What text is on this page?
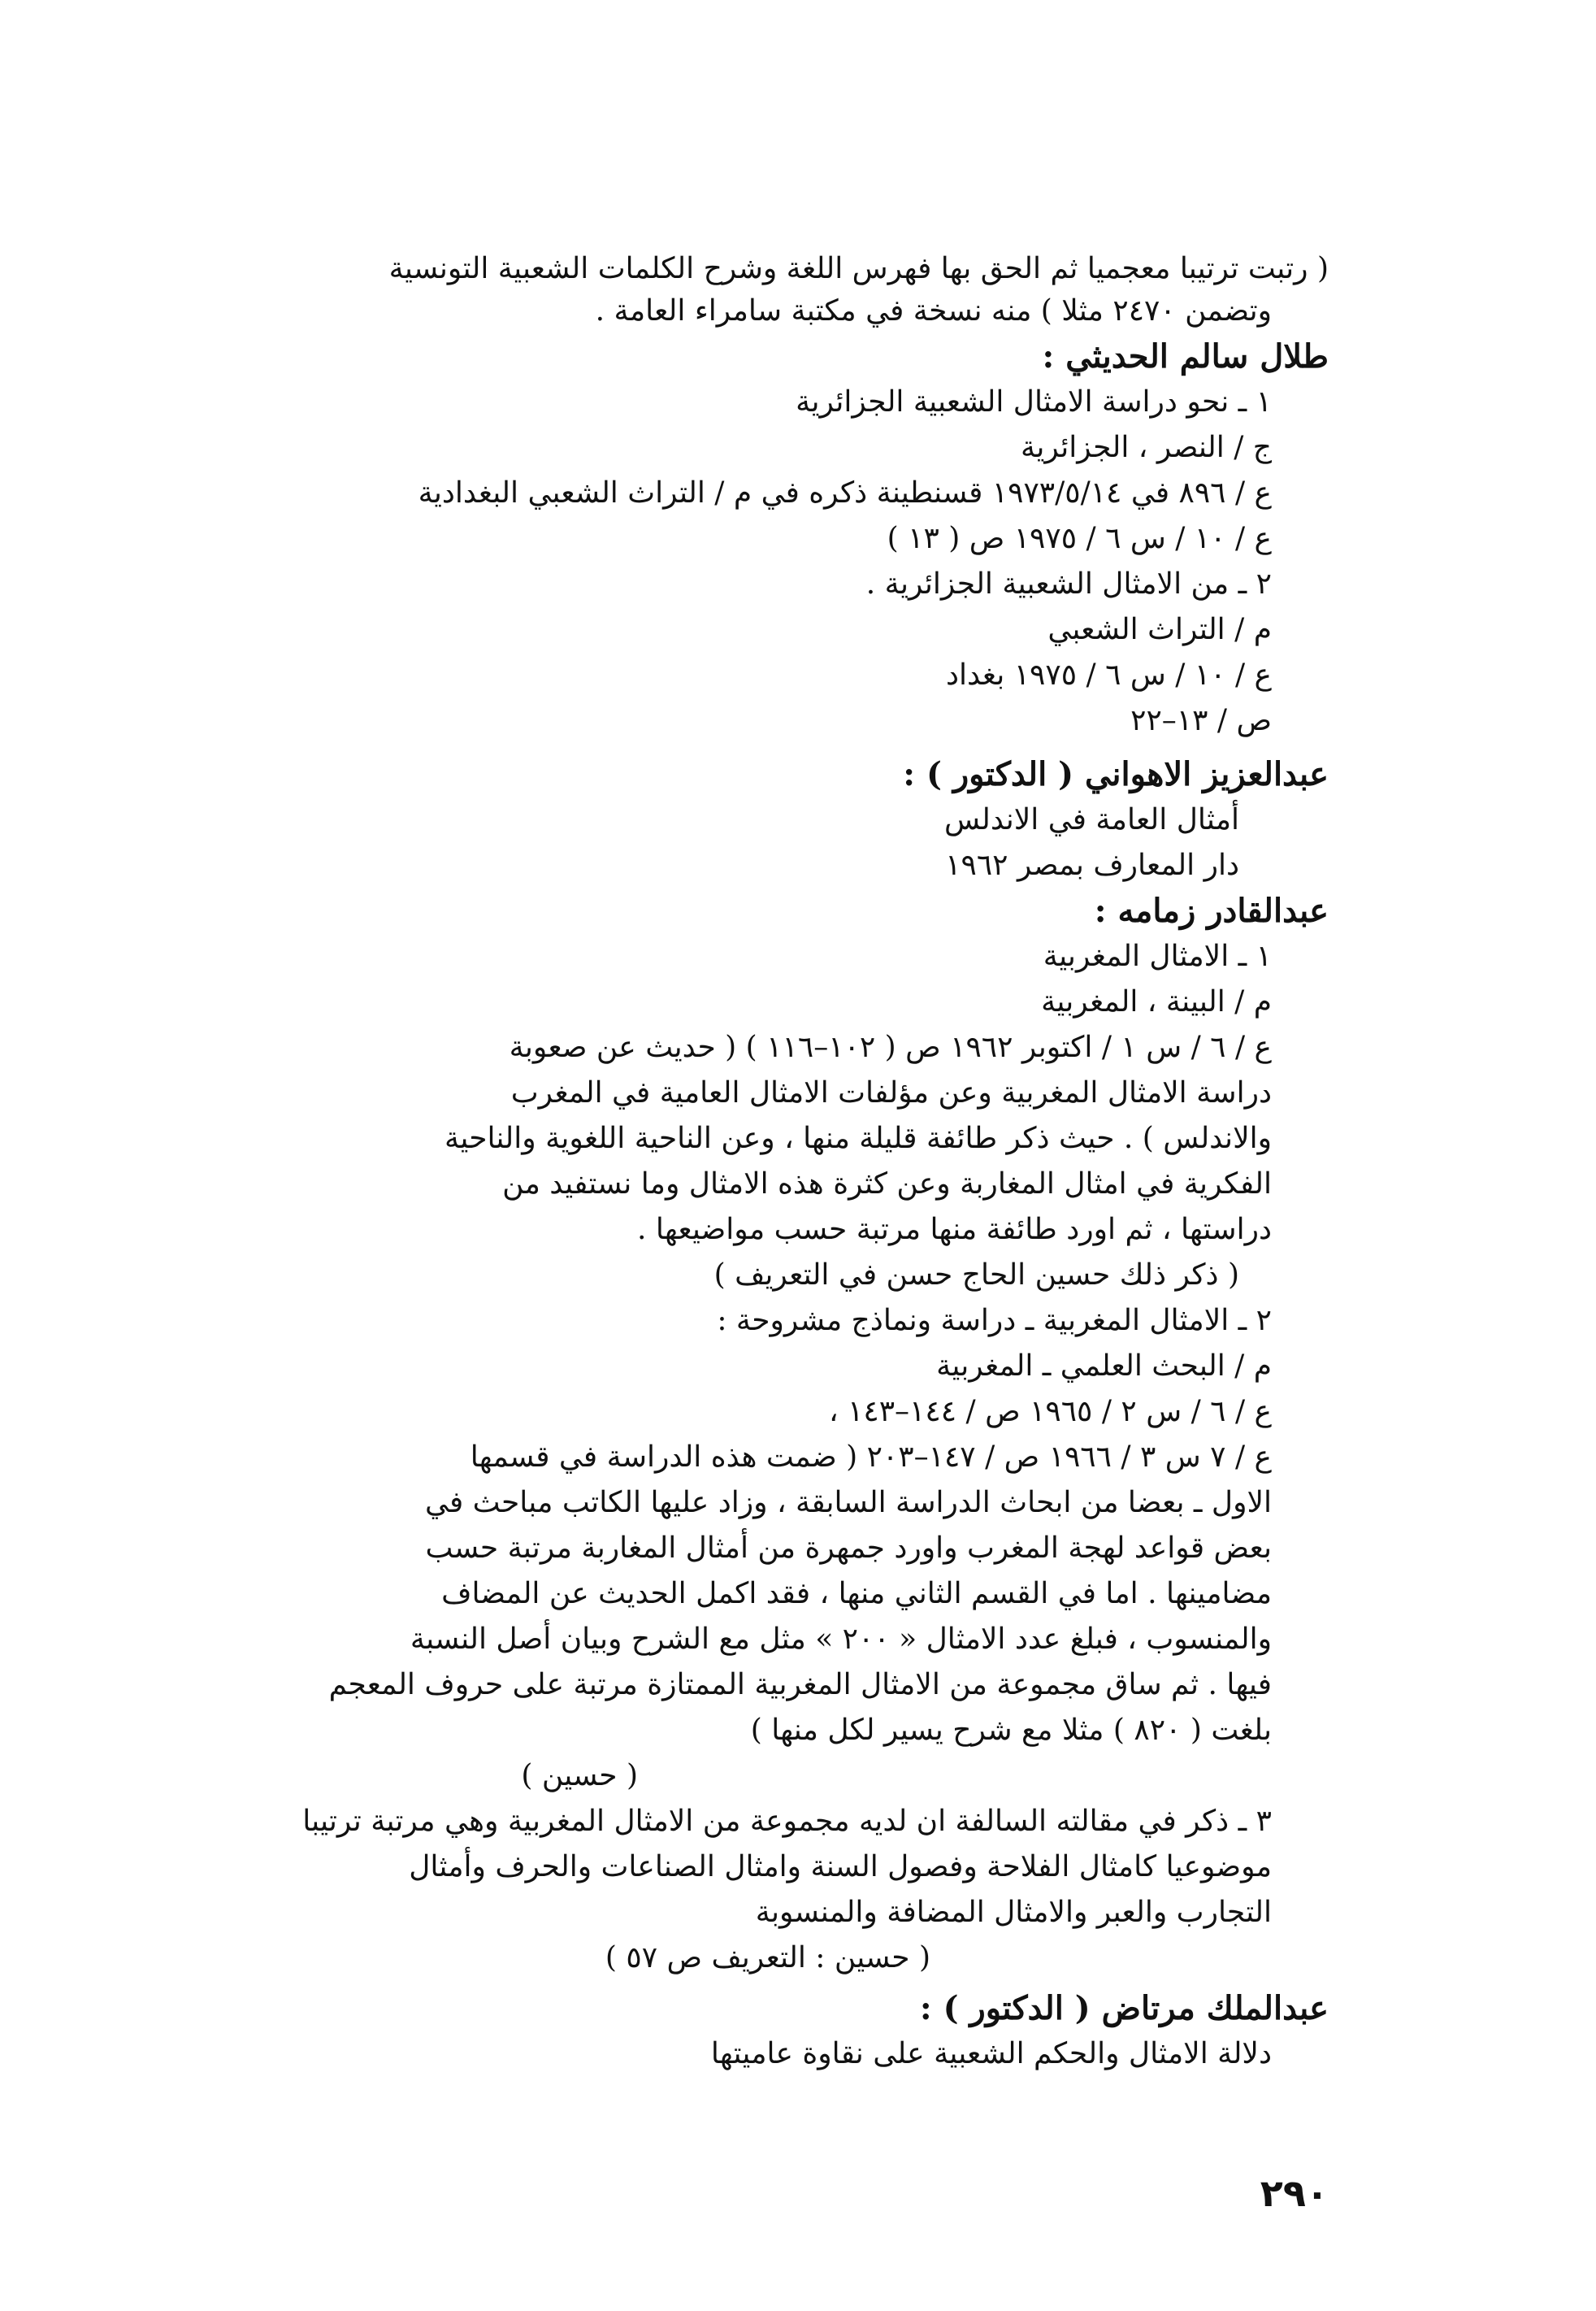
( رتبت ترتيبا معجميا ثم الحق بها فهرس اللغة وشرح الكلمات الشعبية التونسية
وتضمن ٢٤٧٠ مثلا ) منه نسخة في مكتبة سامراء العامة .
طلال سالم الحديثي :
١ ـ نحو دراسة الامثال الشعبية الجزائرية
ج / النصر ، الجزائرية
ع / ٨٩٦ في ١٩٧٣/٥/١٤ قسنطينة ذكره في م / التراث الشعبي البغدادية
ع / ١٠ / س ٦ / ١٩٧٥ ص ( ١٣ )
٢ ـ من الامثال الشعبية الجزائرية .
م / التراث الشعبي
ع / ١٠ / س ٦ / ١٩٧٥ بغداد
ص / ١٣–٢٢
عبدالعزيز الاهواني ( الدكتور ) :
أمثال العامة في الاندلس
دار المعارف بمصر ١٩٦٢
عبدالقادر زمامه :
١ ـ الامثال المغربية
م / البينة ، المغربية
ع / ٦ / س ١ / اكتوبر ١٩٦٢ ص ( ١٠٢–١١٦ ) ( حديث عن صعوبة
دراسة الامثال المغربية وعن مؤلفات الامثال العامية في المغرب
والاندلس ) . حيث ذكر طائفة قليلة منها ، وعن الناحية اللغوية والناحية
الفكرية في امثال المغاربة وعن كثرة هذه الامثال وما نستفيد من
دراستها ، ثم اورد طائفة منها مرتبة حسب مواضيعها .
( ذكر ذلك حسين الحاج حسن في التعريف )
٢ ـ الامثال المغربية ـ دراسة ونماذج مشروحة :
م / البحث العلمي ـ المغربية
ع / ٦ / س ٢ / ١٩٦٥ ص / ١٤٤–١٤٣ ،
ع / ٧ س ٣ / ١٩٦٦ ص / ١٤٧–٢٠٣ ( ضمت هذه الدراسة في قسمها
الاول ـ بعضا من ابحاث الدراسة السابقة ، وزاد عليها الكاتب مباحث في
بعض قواعد لهجة المغرب واورد جمهرة من أمثال المغاربة مرتبة حسب
مضامينها . اما في القسم الثاني منها ، فقد اكمل الحديث عن المضاف
والمنسوب ، فبلغ عدد الامثال « ٢٠٠ » مثل مع الشرح وبيان أصل النسبة
فيها . ثم ساق مجموعة من الامثال المغربية الممتازة مرتبة على حروف المعجم
بلغت ( ٨٢٠ ) مثلا مع شرح يسير لكل منها )
( حسين )
٣ ـ ذكر في مقالته السالفة ان لديه مجموعة من الامثال المغربية وهي مرتبة ترتيبا
موضوعيا كامثال الفلاحة وفصول السنة وامثال الصناعات والحرف وأمثال
التجارب والعبر والامثال المضافة والمنسوبة
( حسين : التعريف ص ٥٧ )
عبدالملك مرتاض ( الدكتور ) :
دلالة الامثال والحكم الشعبية على نقاوة عاميتها
٢٩٠
